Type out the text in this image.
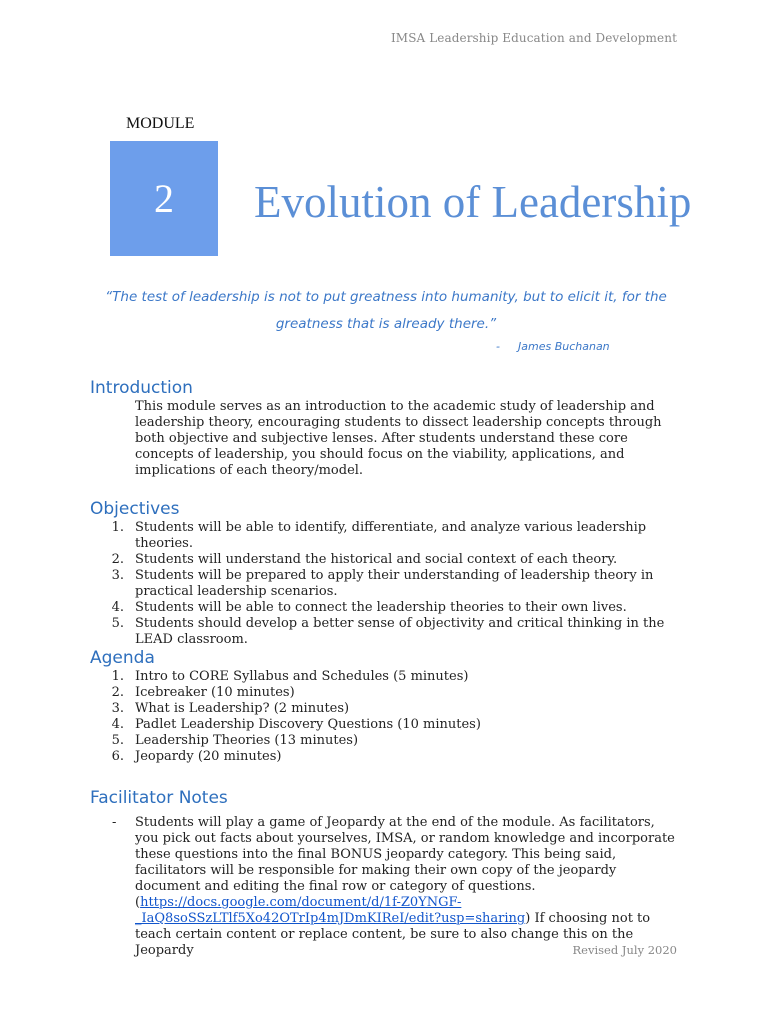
IMSA Leadership Education and Development
MODULE
2 Evolution of Leadership
“The test of leadership is not to put greatness into humanity, but to elicit it, for the greatness that is already there.”
- James Buchanan
Introduction
This module serves as an introduction to the academic study of leadership and leadership theory, encouraging students to dissect leadership concepts through both objective and subjective lenses. After students understand these core concepts of leadership, you should focus on the viability, applications, and implications of each theory/model.
Objectives
1. Students will be able to identify, differentiate, and analyze various leadership theories.
2. Students will understand the historical and social context of each theory.
3. Students will be prepared to apply their understanding of leadership theory in practical leadership scenarios.
4. Students will be able to connect the leadership theories to their own lives.
5. Students should develop a better sense of objectivity and critical thinking in the LEAD classroom.
Agenda
1. Intro to CORE Syllabus and Schedules (5 minutes)
2. Icebreaker (10 minutes)
3. What is Leadership? (2 minutes)
4. Padlet Leadership Discovery Questions (10 minutes)
5. Leadership Theories (13 minutes)
6. Jeopardy (20 minutes)
Facilitator Notes
-	Students will play a game of Jeopardy at the end of the module. As facilitators, you pick out facts about yourselves, IMSA, or random knowledge and incorporate these questions into the final BONUS jeopardy category. This being said, facilitators will be responsible for making their own copy of the jeopardy document and editing the final row or category of questions. (https://docs.google.com/document/d/1f-Z0YNGF-_IaQ8soSSzLTlf5Xo42OTrIp4mJDmKIReI/edit?usp=sharing) If choosing not to teach certain content or replace content, be sure to also change this on the Jeopardy	Revised July 2020
